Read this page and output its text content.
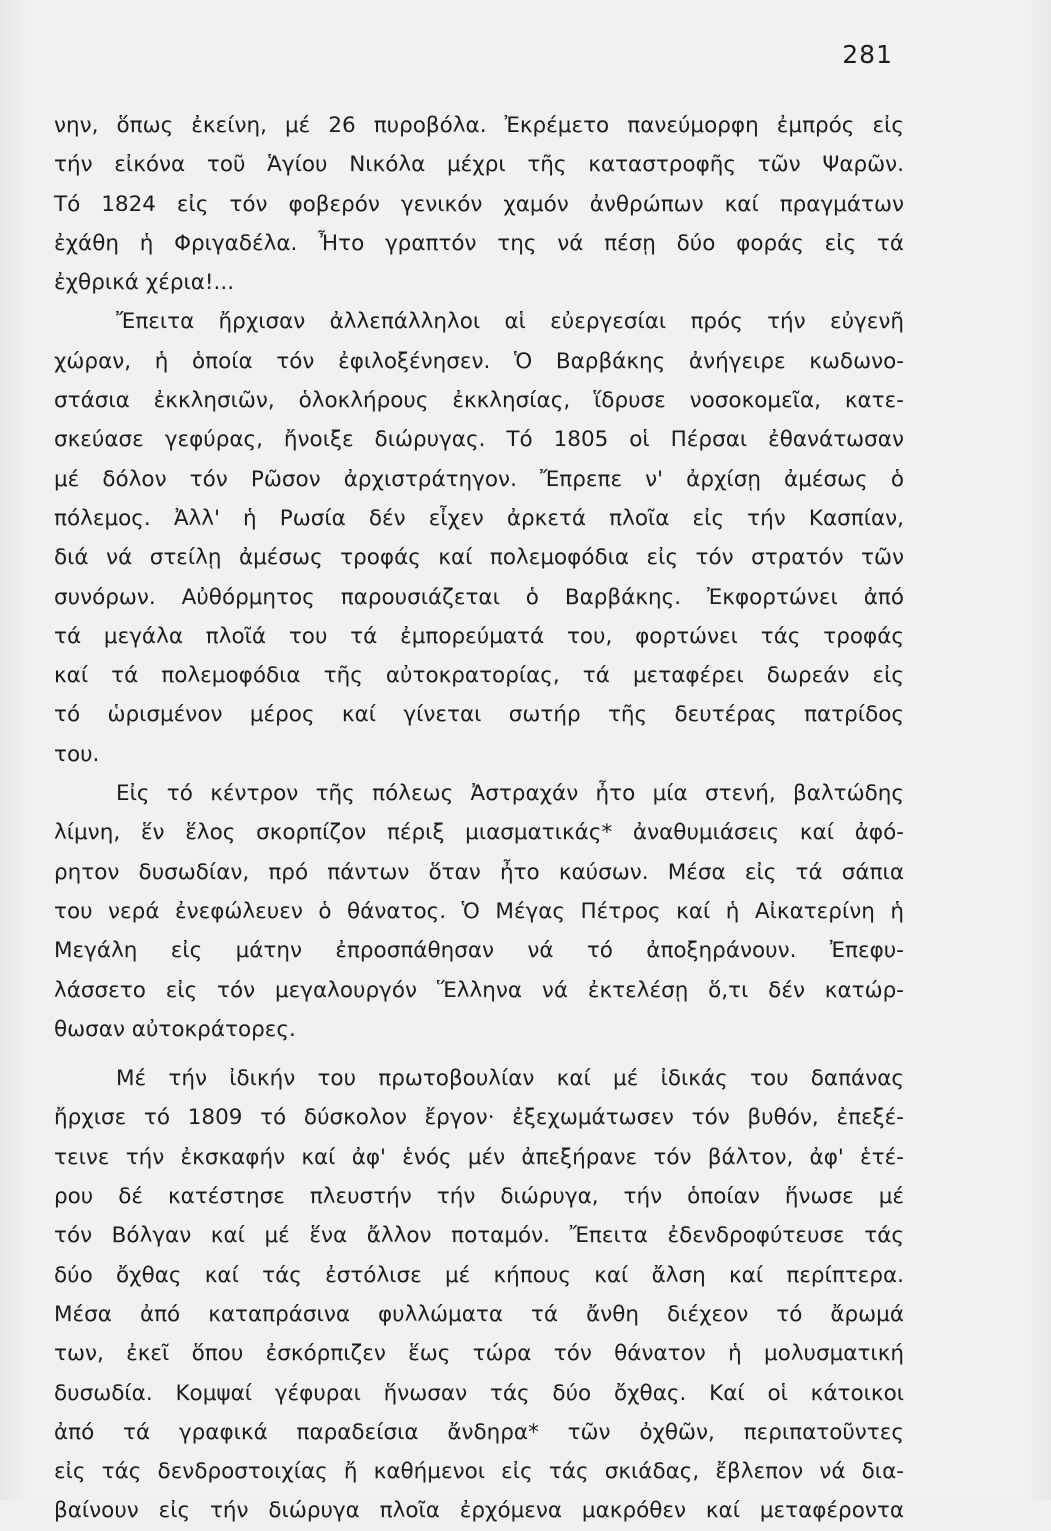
281
νην, ὅπως ἐκείνη, μέ 26 πυροβόλα. Ἐκρέμετο πανεύμορφη ἐμπρός εἰς
τήν εἰκόνα τοῦ Ἁγίου Νικόλα μέχρι τῆς καταστροφῆς τῶν Ψαρῶν.
Τό 1824 εἰς τόν φοβερόν γενικόν χαμόν ἀνθρώπων καί πραγμάτων
ἐχάθη ἡ Φριγαδέλα. Ἦτο γραπτόν της νά πέσῃ δύο φοράς εἰς τά
ἐχθρικά χέρια!...
Ἔπειτα ἤρχισαν ἀλλεπάλληλοι αἱ εὐεργεσίαι πρός τήν εὐγενῆ
χώραν, ἡ ὁποία τόν ἐφιλοξένησεν. Ὁ Βαρβάκης ἀνήγειρε κωδωνο-
στάσια ἐκκλησιῶν, ὁλοκλήρους ἐκκλησίας, ἵδρυσε νοσοκομεῖα, κατε-
σκεύασε γεφύρας, ἤνοιξε διώρυγας. Τό 1805 οἱ Πέρσαι ἐθανάτωσαν
μέ δόλον τόν Ρῶσον ἀρχιστράτηγον. Ἔπρεπε ν' ἀρχίσῃ ἀμέσως ὁ
πόλεμος. Ἀλλ' ἡ Ρωσία δέν εἶχεν ἀρκετά πλοῖα εἰς τήν Κασπίαν,
διά νά στείλῃ ἀμέσως τροφάς καί πολεμοφόδια εἰς τόν στρατόν τῶν
συνόρων. Αὐθόρμητος παρουσιάζεται ὁ Βαρβάκης. Ἐκφορτώνει ἀπό
τά μεγάλα πλοῖά του τά ἐμπορεύματά του, φορτώνει τάς τροφάς
καί τά πολεμοφόδια τῆς αὐτοκρατορίας, τά μεταφέρει δωρεάν εἰς
τό ὡρισμένον μέρος καί γίνεται σωτήρ τῆς δευτέρας πατρίδος
του.
Εἰς τό κέντρον τῆς πόλεως Ἀστραχάν ἦτο μία στενή, βαλτώδης
λίμνη, ἕν ἕλος σκορπίζον πέριξ μιασματικάς* ἀναθυμιάσεις καί ἀφό-
ρητον δυσωδίαν, πρό πάντων ὅταν ἦτο καύσων. Μέσα εἰς τά σάπια
του νερά ἐνεφώλευεν ὁ θάνατος. Ὁ Μέγας Πέτρος καί ἡ Αἰκατερίνη ἡ
Μεγάλη εἰς μάτην ἐπροσπάθησαν νά τό ἀποξηράνουν. Ἐπεφυ-
λάσσετο εἰς τόν μεγαλουργόν Ἕλληνα νά ἐκτελέσῃ ὅ,τι δέν κατώρ-
θωσαν αὐτοκράτορες.
Μέ τήν ἰδικήν του πρωτοβουλίαν καί μέ ἰδικάς του δαπάνας
ἤρχισε τό 1809 τό δύσκολον ἔργον· ἐξεχωμάτωσεν τόν βυθόν, ἐπεξέ-
τεινε τήν ἐκσκαφήν καί ἀφ' ἑνός μέν ἀπεξήρανε τόν βάλτον, ἀφ' ἑτέ-
ρου δέ κατέστησε πλευστήν τήν διώρυγα, τήν ὁποίαν ἥνωσε μέ
τόν Βόλγαν καί μέ ἕνα ἄλλον ποταμόν. Ἔπειτα ἐδενδροφύτευσε τάς
δύο ὄχθας καί τάς ἐστόλισε μέ κήπους καί ἄλση καί περίπτερα.
Μέσα ἀπό καταπράσινα φυλλώματα τά ἄνθη διέχεον τό ἄρωμά
των, ἐκεῖ ὅπου ἐσκόρπιζεν ἕως τώρα τόν θάνατον ἡ μολυσματική
δυσωδία. Κομψαί γέφυραι ἥνωσαν τάς δύο ὄχθας. Καί οἱ κάτοικοι
ἀπό τά γραφικά παραδείσια ἄνδηρα* τῶν ὀχθῶν, περιπατοῦντες
εἰς τάς δενδροστοιχίας ἤ καθήμενοι εἰς τάς σκιάδας, ἔβλεπον νά δια-
βαίνουν εἰς τήν διώρυγα πλοῖα ἐρχόμενα μακρόθεν καί μεταφέροντα
